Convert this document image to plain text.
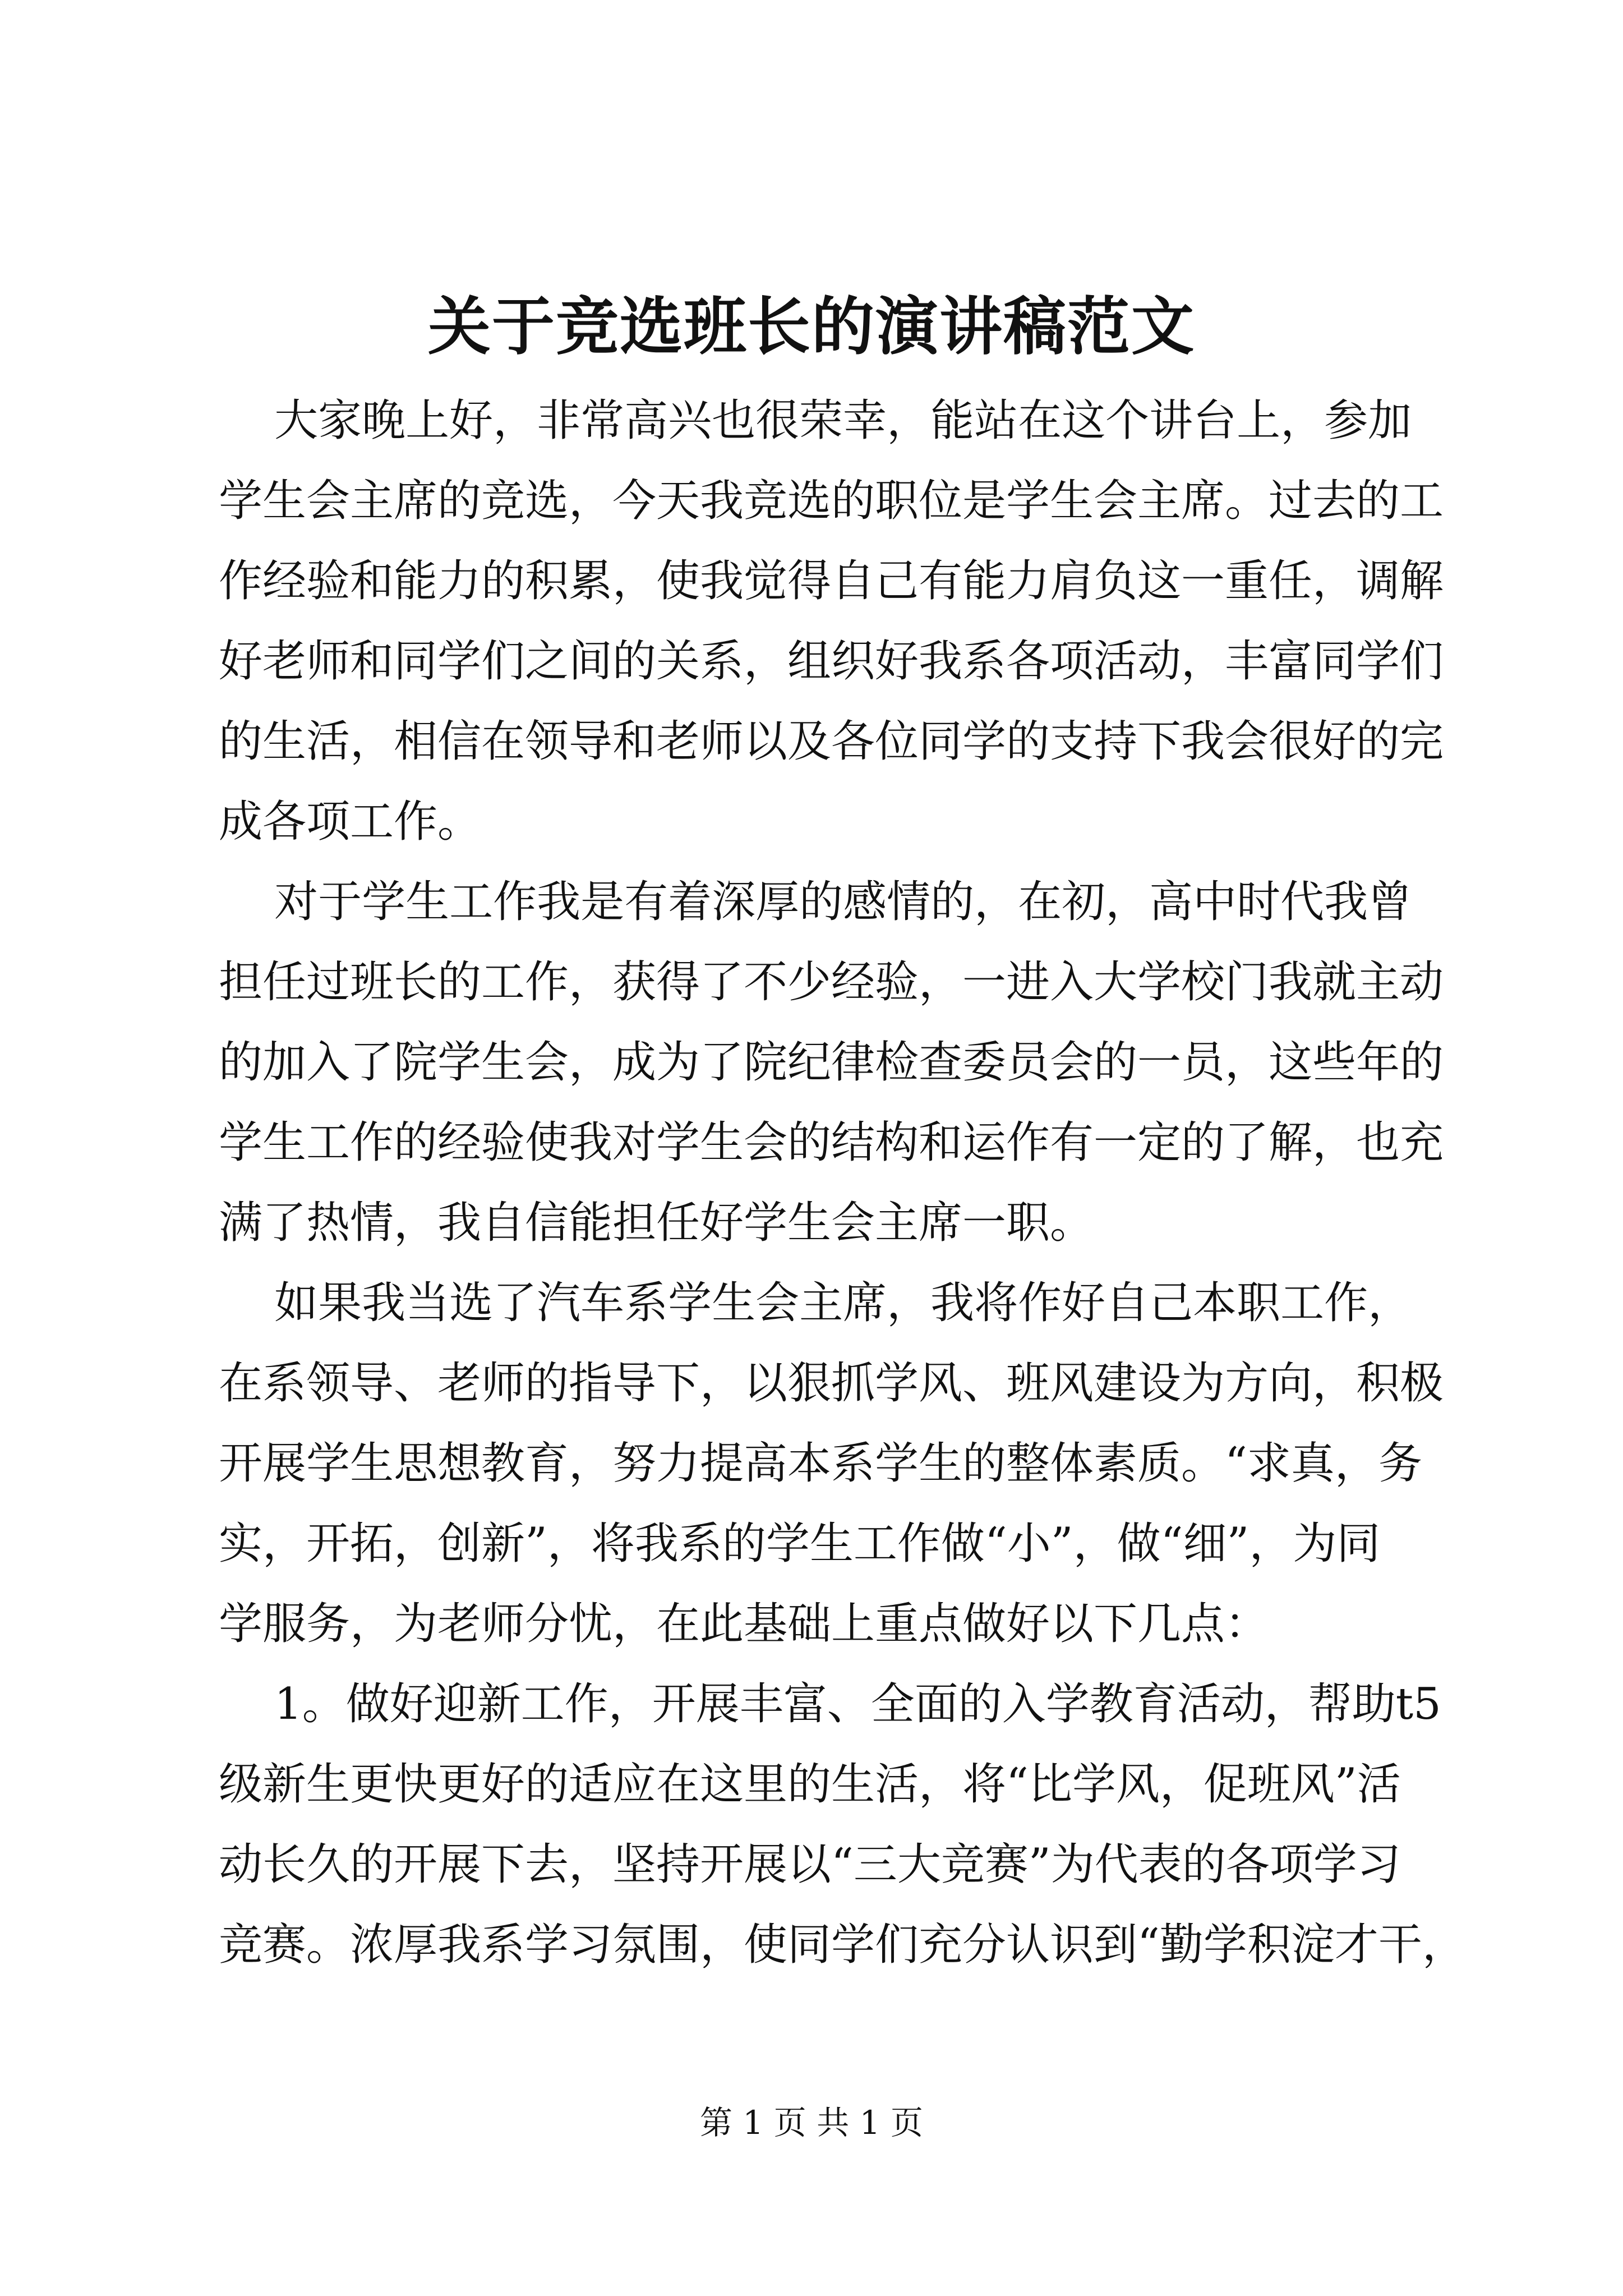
关于竞选班长的演讲稿范文
大家晚上好，非常高兴也很荣幸，能站在这个讲台上，参加
学生会主席的竞选，今天我竞选的职位是学生会主席。过去的工
作经验和能力的积累，使我觉得自己有能力肩负这一重任，调解
好老师和同学们之间的关系，组织好我系各项活动，丰富同学们
的生活，相信在领导和老师以及各位同学的支持下我会很好的完
成各项工作。
对于学生工作我是有着深厚的感情的，在初，高中时代我曾
担任过班长的工作，获得了不少经验，一进入大学校门我就主动
的加入了院学生会，成为了院纪律检查委员会的一员，这些年的
学生工作的经验使我对学生会的结构和运作有一定的了解，也充
满了热情，我自信能担任好学生会主席一职。
如果我当选了汽车系学生会主席，我将作好自己本职工作，
在系领导、老师的指导下，以狠抓学风、班风建设为方向，积极
开展学生思想教育，努力提高本系学生的整体素质。“求真，务
实，开拓，创新”，将我系的学生工作做“小”，做“细”，为同
学服务，为老师分忧，在此基础上重点做好以下几点：
1。做好迎新工作，开展丰富、全面的入学教育活动，帮助t5
级新生更快更好的适应在这里的生活，将“比学风，促班风”活
动长久的开展下去，坚持开展以“三大竞赛”为代表的各项学习
竞赛。浓厚我系学习氛围，使同学们充分认识到“勤学积淀才干，
第 1 页 共 1 页
